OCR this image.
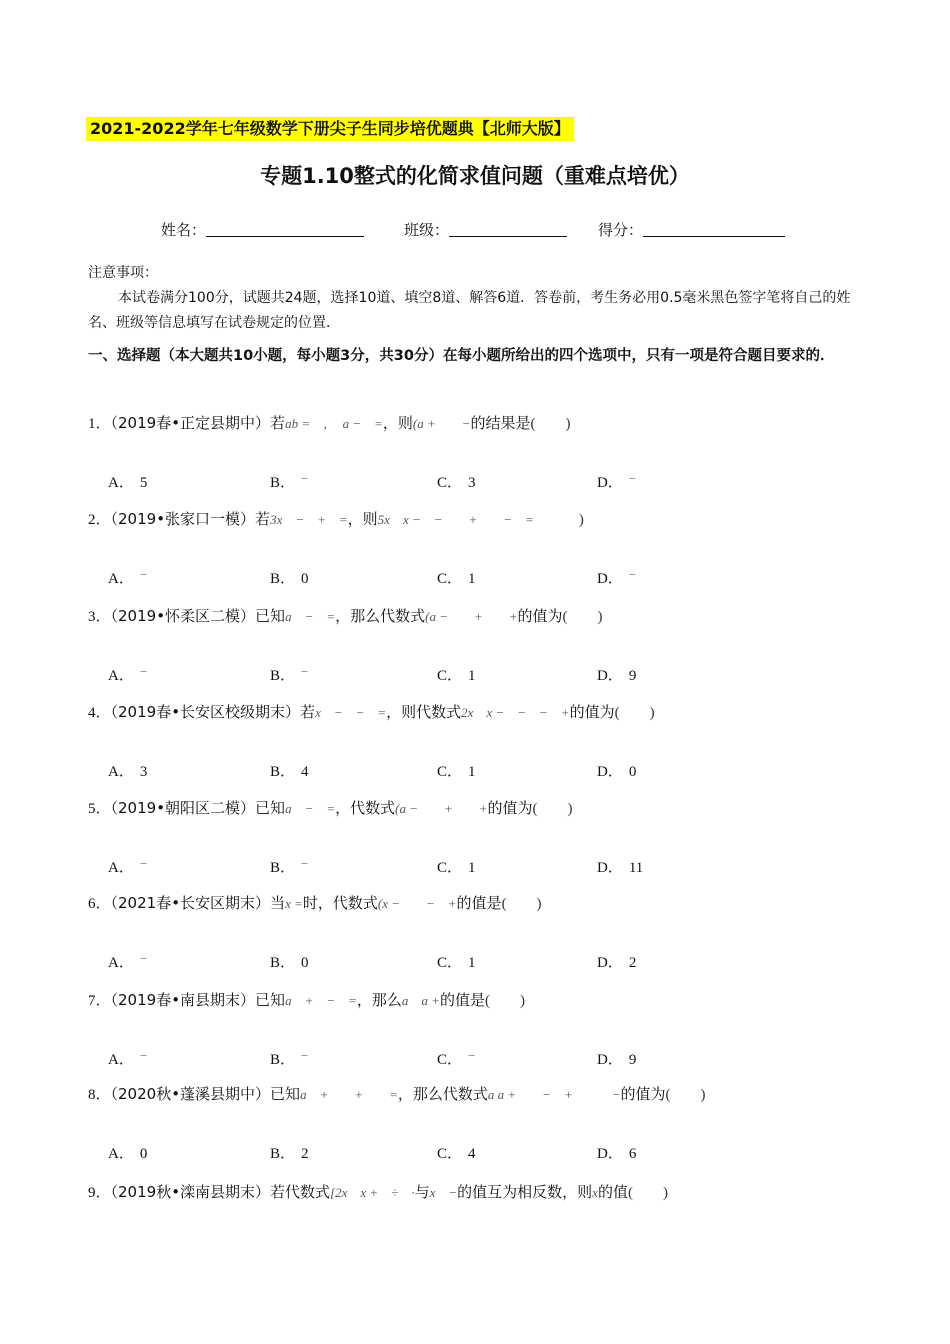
2021-2022学年七年级数学下册尖子生同步培优题典【北师大版】
专题1.10整式的化简求值问题（重难点培优）
姓名：	班级：	得分：
注意事项：
本试卷满分100分，试题共24题，选择10道、填空8道、解答6道．答卷前，考生务必用0.5毫米黑色签字笔将自己的姓名、班级等信息填写在试卷规定的位置．
一、选择题（本大题共10小题，每小题3分，共30分）在每小题所给出的四个选项中，只有一项是符合题目要求的．
1．（2019春•正定县期中）若ab =　，　a −　=，则(a +　　−的结果是(　　)
A． 5	B． −	C． 3	D． −
2．（2019•张家口一模）若3x　−　+　=，则5x　x −　−　　+　　−　=　　　)
A． −	B． 0	C． 1	D． −
3．（2019•怀柔区二模）已知a　−　=，那么代数式(a −　　+　　+的值为(　　)
A． −	B． −	C． 1	D． 9
4．（2019春•长安区校级期末）若x　−　−　=，则代数式2x　x −　−　−　+的值为(　　)
A． 3	B． 4	C． 1	D． 0
5．（2019•朝阳区二模）已知a　−　=，代数式(a −　　+　　+的值为(　　)
A． −	B． −	C． 1	D． 11
6．（2021春•长安区期末）当x =时，代数式(x −　　−　+的值是(　　)
A． −	B． 0	C． 1	D． 2
7．（2019春•南县期末）已知a　+　−　=，那么a　a +的值是(　　)
A． −	B． −	C． −	D． 9
8．（2020秋•蓬溪县期中）已知a　+　　+　　=，那么代数式a a +　　−　+　　　−的值为(　　)
A． 0	B． 2	C． 4	D． 6
9．（2019秋•滦南县期末）若代数式[2x　x +　÷　·与x　−的值互为相反数，则x的值(　　)
